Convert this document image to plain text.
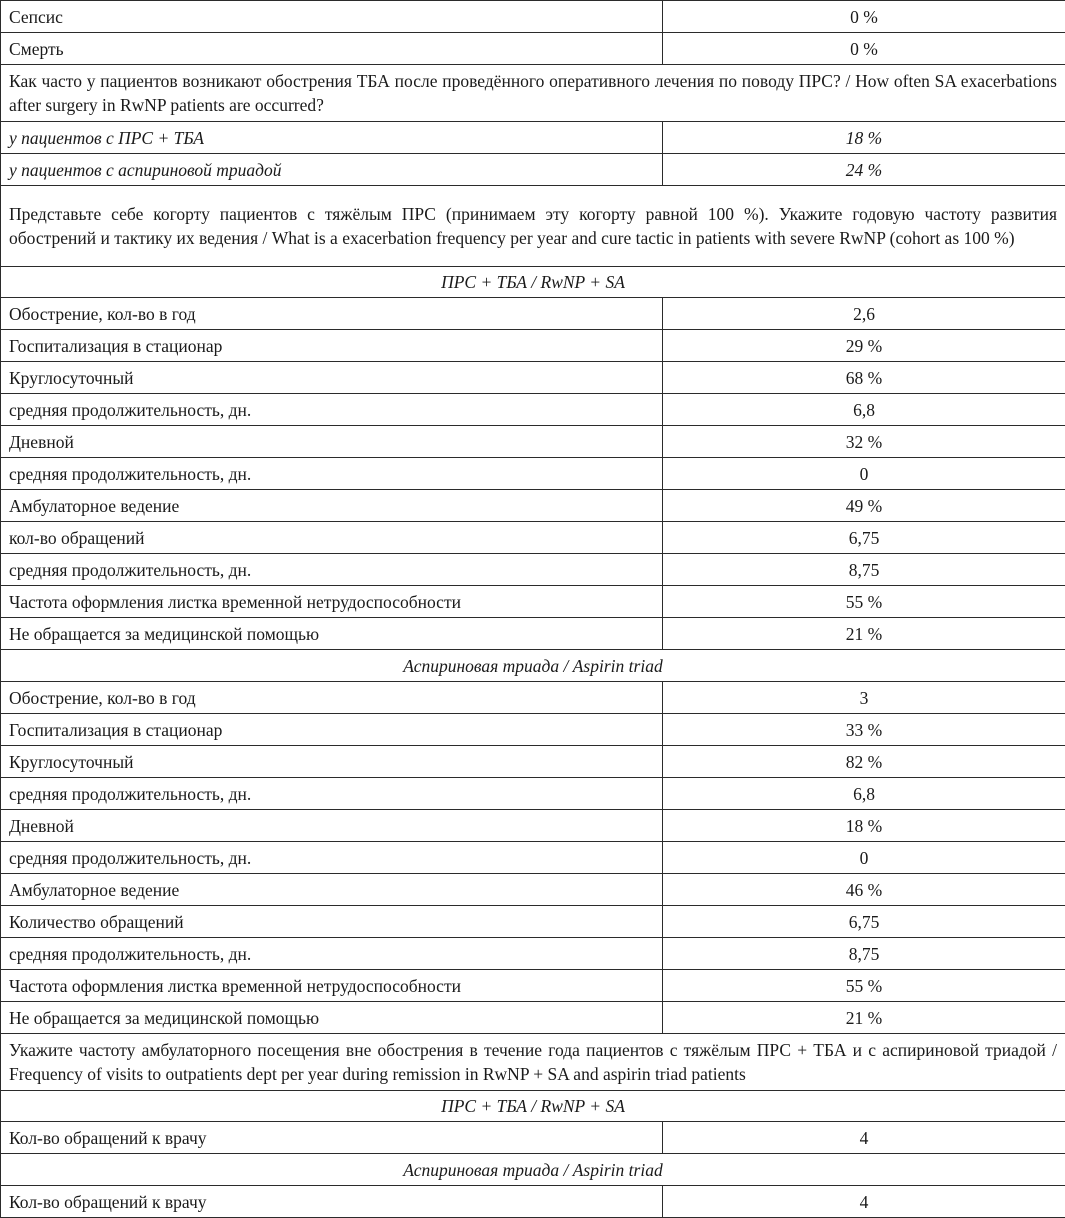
Сепсис	0 %
Смерть	0 %
Как часто у пациентов возникают обострения ТБА после проведённого оперативного лечения по поводу ПРС? / How often SA exacerbations after surgery in RwNP patients are occurred?	
у пациентов с ПРС + ТБА	18 %
у пациентов с аспириновой триадой	24 %
Представьте себе когорту пациентов с тяжёлым ПРС (принимаем эту когорту равной 100 %). Укажите годовую частоту развития обострений и тактику их ведения / What is a exacerbation frequency per year and cure tactic in patients with severe RwNP (cohort as 100 %)	
ПРС + ТБА / RwNP + SA	
Обострение, кол-во в год	2,6
Госпитализация в стационар	29 %
Круглосуточный	68 %
средняя продолжительность, дн.	6,8
Дневной	32 %
средняя продолжительность, дн.	0
Амбулаторное ведение	49 %
кол-во обращений	6,75
средняя продолжительность, дн.	8,75
Частота оформления листка временной нетрудоспособности	55 %
Не обращается за медицинской помощью	21 %
Аспириновая триада / Aspirin triad	
Обострение, кол-во в год	3
Госпитализация в стационар	33 %
Круглосуточный	82 %
средняя продолжительность, дн.	6,8
Дневной	18 %
средняя продолжительность, дн.	0
Амбулаторное ведение	46 %
Количество обращений	6,75
средняя продолжительность, дн.	8,75
Частота оформления листка временной нетрудоспособности	55 %
Не обращается за медицинской помощью	21 %
Укажите частоту амбулаторного посещения вне обострения в течение года пациентов с тяжёлым ПРС + ТБА и с аспириновой триадой / Frequency of visits to outpatients dept per year during remission in RwNP + SA and aspirin triad patients	
ПРС + ТБА / RwNP + SA	
Кол-во обращений к врачу	4
Аспириновая триада / Aspirin triad	
Кол-во обращений к врачу	4
